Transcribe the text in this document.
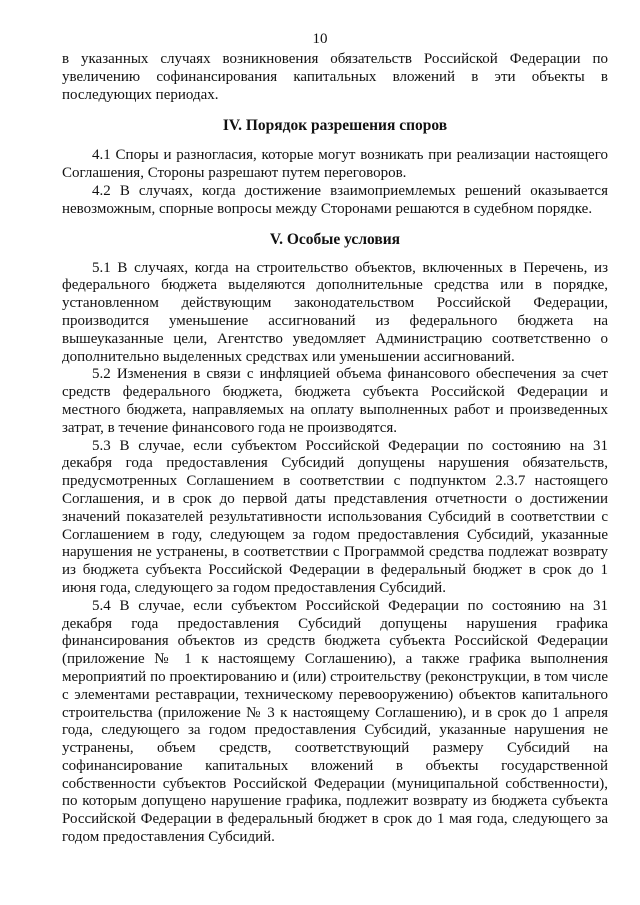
10

в указанных случаях возникновения обязательств Российской Федерации по увеличению софинансирования капитальных вложений в эти объекты в последующих периодах.

IV. Порядок разрешения споров

4.1 Споры и разногласия, которые могут возникать при реализации настоящего Соглашения, Стороны разрешают путем переговоров.

4.2 В случаях, когда достижение взаимоприемлемых решений оказывается невозможным, спорные вопросы между Сторонами решаются в судебном порядке.

V. Особые условия

5.1 В случаях, когда на строительство объектов, включенных в Перечень, из федерального бюджета выделяются дополнительные средства или в порядке, установленном действующим законодательством Российской Федерации, производится уменьшение ассигнований из федерального бюджета на вышеуказанные цели, Агентство уведомляет Администрацию соответственно о дополнительно выделенных средствах или уменьшении ассигнований.

5.2 Изменения в связи с инфляцией объема финансового обеспечения за счет средств федерального бюджета, бюджета субъекта Российской Федерации и местного бюджета, направляемых на оплату выполненных работ и произведенных затрат, в течение финансового года не производятся.

5.3 В случае, если субъектом Российской Федерации по состоянию на 31 декабря года предоставления Субсидий допущены нарушения обязательств, предусмотренных Соглашением в соответствии с подпунктом 2.3.7 настоящего Соглашения, и в срок до первой даты представления отчетности о достижении значений показателей результативности использования Субсидий в соответствии с Соглашением в году, следующем за годом предоставления Субсидий, указанные нарушения не устранены, в соответствии с Программой средства подлежат возврату из бюджета субъекта Российской Федерации в федеральный бюджет в срок до 1 июня года, следующего за годом предоставления Субсидий.

5.4 В случае, если субъектом Российской Федерации по состоянию на 31 декабря года предоставления Субсидий допущены нарушения графика финансирования объектов из средств бюджета субъекта Российской Федерации (приложение № 1 к настоящему Соглашению), а также графика выполнения мероприятий по проектированию и (или) строительству (реконструкции, в том числе с элементами реставрации, техническому перевооружению) объектов капитального строительства (приложение № 3 к настоящему Соглашению), и в срок до 1 апреля года, следующего за годом предоставления Субсидий, указанные нарушения не устранены, объем средств, соответствующий размеру Субсидий на софинансирование капитальных вложений в объекты государственной собственности субъектов Российской Федерации (муниципальной собственности), по которым допущено нарушение графика, подлежит возврату из бюджета субъекта Российской Федерации в федеральный бюджет в срок до 1 мая года, следующего за годом предоставления Субсидий.
